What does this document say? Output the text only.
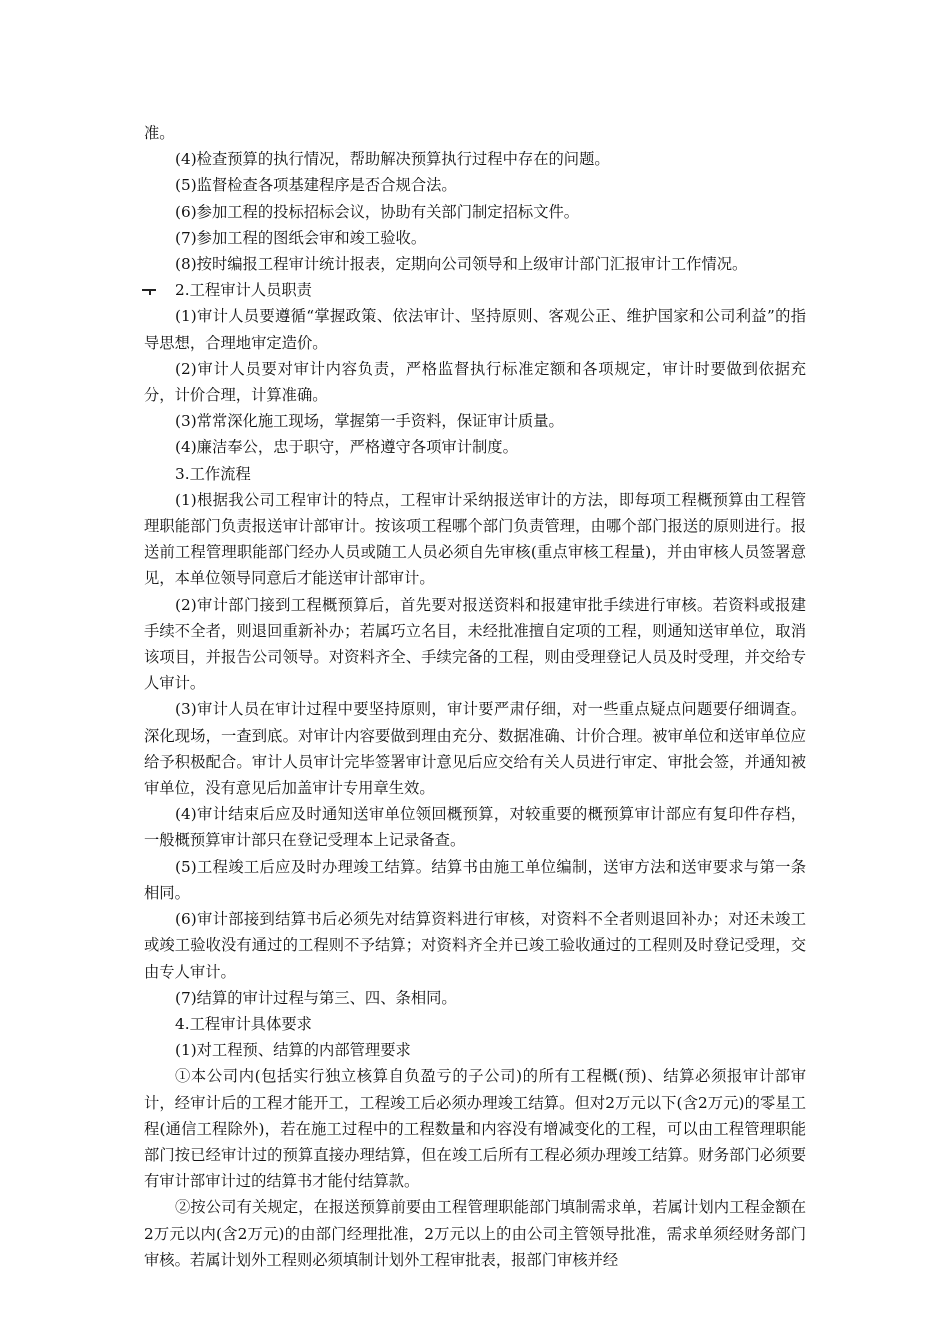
准。

(4)检查预算的执行情况，帮助解决预算执行过程中存在的问题。

(5)监督检查各项基建程序是否合规合法。

(6)参加工程的投标招标会议，协助有关部门制定招标文件。

(7)参加工程的图纸会审和竣工验收。

(8)按时编报工程审计统计报表，定期向公司领导和上级审计部门汇报审计工作情况。

2.工程审计人员职责

(1)审计人员要遵循“掌握政策、依法审计、坚持原则、客观公正、维护国家和公司利益”的指导思想，合理地审定造价。

(2)审计人员要对审计内容负责，严格监督执行标准定额和各项规定，审计时要做到依据充分，计价合理，计算准确。

(3)常常深化施工现场，掌握第一手资料，保证审计质量。

(4)廉洁奉公，忠于职守，严格遵守各项审计制度。

3.工作流程

(1)根据我公司工程审计的特点，工程审计采纳报送审计的方法，即每项工程概预算由工程管理职能部门负责报送审计部审计。按该项工程哪个部门负责管理，由哪个部门报送的原则进行。报送前工程管理职能部门经办人员或随工人员必须自先审核(重点审核工程量)，并由审核人员签署意见，本单位领导同意后才能送审计部审计。

(2)审计部门接到工程概预算后，首先要对报送资料和报建审批手续进行审核。若资料或报建手续不全者，则退回重新补办；若属巧立名目，未经批准擅自定项的工程，则通知送审单位，取消该项目，并报告公司领导。对资料齐全、手续完备的工程，则由受理登记人员及时受理，并交给专人审计。

(3)审计人员在审计过程中要坚持原则，审计要严肃仔细，对一些重点疑点问题要仔细调查。深化现场，一查到底。对审计内容要做到理由充分、数据准确、计价合理。被审单位和送审单位应给予积极配合。审计人员审计完毕签署审计意见后应交给有关人员进行审定、审批会签，并通知被审单位，没有意见后加盖审计专用章生效。

(4)审计结束后应及时通知送审单位领回概预算，对较重要的概预算审计部应有复印件存档，一般概预算审计部只在登记受理本上记录备查。

(5)工程竣工后应及时办理竣工结算。结算书由施工单位编制，送审方法和送审要求与第一条相同。

(6)审计部接到结算书后必须先对结算资料进行审核，对资料不全者则退回补办；对还未竣工或竣工验收没有通过的工程则不予结算；对资料齐全并已竣工验收通过的工程则及时登记受理，交由专人审计。

(7)结算的审计过程与第三、四、条相同。

4.工程审计具体要求

(1)对工程预、结算的内部管理要求

①本公司内(包括实行独立核算自负盈亏的子公司)的所有工程概(预)、结算必须报审计部审计，经审计后的工程才能开工，工程竣工后必须办理竣工结算。但对2万元以下(含2万元)的零星工程(通信工程除外)，若在施工过程中的工程数量和内容没有增减变化的工程，可以由工程管理职能部门按已经审计过的预算直接办理结算，但在竣工后所有工程必须办理竣工结算。财务部门必须要有审计部审计过的结算书才能付结算款。

②按公司有关规定，在报送预算前要由工程管理职能部门填制需求单，若属计划内工程金额在2万元以内(含2万元)的由部门经理批准，2万元以上的由公司主管领导批准，需求单须经财务部门审核。若属计划外工程则必须填制计划外工程审批表，报部门审核并经
